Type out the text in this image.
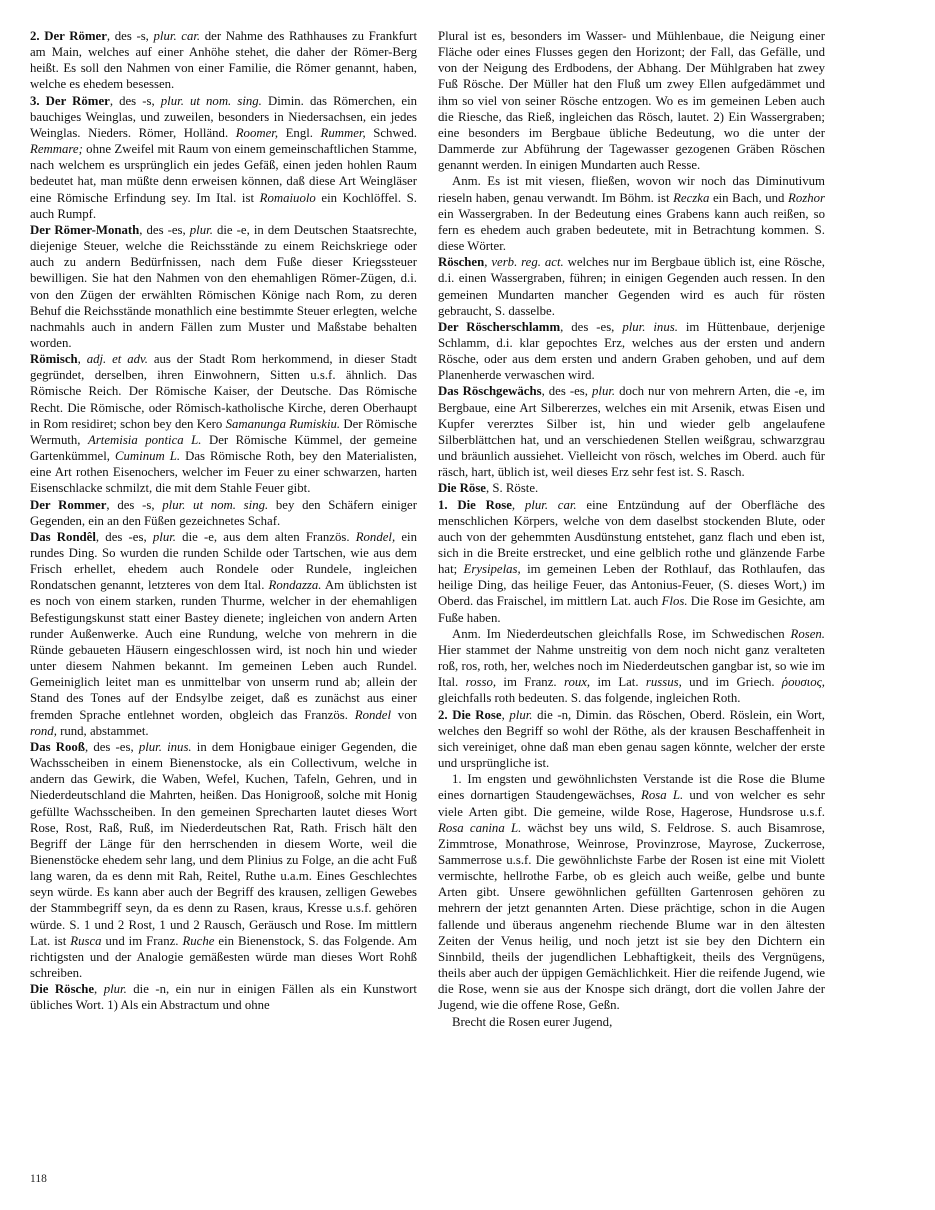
2. Der Römer, des -s, plur. car. der Nahme des Rathhauses zu Frankfurt am Main, welches auf einer Anhöhe stehet, die daher der Römer-Berg heißt. Es soll den Nahmen von einer Familie, die Römer genannt, haben, welche es ehedem besessen.

3. Der Römer, des -s, plur. ut nom. sing. Dimin. das Römerchen, ein bauchiges Weinglas, und zuweilen, besonders in Niedersachsen, ein jedes Weinglas. Nieders. Römer, Holländ. Roomer, Engl. Rummer, Schwed. Remmare; ohne Zweifel mit Raum von einem gemeinschaftlichen Stamme, nach welchem es ursprünglich ein jedes Gefäß, einen jeden hohlen Raum bedeutet hat, man müßte denn erweisen können, daß diese Art Weingläser eine Römische Erfindung sey. Im Ital. ist Romaiuolo ein Kochlöffel. S. auch Rumpf.

Der Römer-Monath, des -es, plur. die -e, in dem Deutschen Staatsrechte, diejenige Steuer, welche die Reichsstände zu einem Reichskriege oder auch zu andern Bedürfnissen, nach dem Fuße dieser Kriegssteuer bewilligen. Sie hat den Nahmen von den ehemahligen Römer-Zügen, d.i. von den Zügen der erwählten Römischen Könige nach Rom, zu deren Behuf die Reichsstände monathlich eine bestimmte Steuer erlegten, welche nachmahls auch in andern Fällen zum Muster und Maßstabe behalten worden.

Römisch, adj. et adv. aus der Stadt Rom herkommend, in dieser Stadt gegründet, derselben, ihren Einwohnern, Sitten u.s.f. ähnlich. Das Römische Reich. Der Römische Kaiser, der Deutsche. Das Römische Recht. Die Römische, oder Römisch-katholische Kirche, deren Oberhaupt in Rom residiret; schon bey den Kero Samanunga Rumiskiu. Der Römische Wermuth, Artemisia pontica L. Der Römische Kümmel, der gemeine Gartenkümmel, Cuminum L. Das Römische Roth, bey den Materialisten, eine Art rothen Eisenochers, welcher im Feuer zu einer schwarzen, harten Eisenschlacke schmilzt, die mit dem Stahle Feuer gibt.

Der Rommer, des -s, plur. ut nom. sing. bey den Schäfern einiger Gegenden, ein an den Füßen gezeichnetes Schaf.

Das Rondêl, des -es, plur. die -e, aus dem alten Französ. Rondel, ein rundes Ding. So wurden die runden Schilde oder Tartschen, wie aus dem Frisch erhellet, ehedem auch Rondele oder Rundele, ingleichen Rondatschen genannt, letzteres von dem Ital. Rondazza. Am üblichsten ist es noch von einem starken, runden Thurme, welcher in der ehemahligen Befestigungskunst statt einer Bastey dienete; ingleichen von andern Arten runder Außenwerke. Auch eine Rundung, welche von mehrern in die Ründe gebaueten Häusern eingeschlossen wird, ist noch hin und wieder unter diesem Nahmen bekannt. Im gemeinen Leben auch Rundel. Gemeiniglich leitet man es unmittelbar von unserm rund ab; allein der Stand des Tones auf der Endsylbe zeiget, daß es zunächst aus einer fremden Sprache entlehnet worden, obgleich das Französ. Rondel von rond, rund, abstammet.

Das Rooß, des -es, plur. inus. in dem Honigbaue einiger Gegenden, die Wachsscheiben in einem Bienenstocke, als ein Collectivum, welche in andern das Gewirk, die Waben, Wefel, Kuchen, Tafeln, Gehren, und in Niederdeutschland die Mahrten, heißen. Das Honigrooß, solche mit Honig gefüllte Wachsscheiben. In den gemeinen Sprecharten lautet dieses Wort Rose, Rost, Raß, Ruß, im Niederdeutschen Rat, Rath. Frisch hält den Begriff der Länge für den herrschenden in diesem Worte, weil die Bienenstöcke ehedem sehr lang, und dem Plinius zu Folge, an die acht Fuß lang waren, da es denn mit Rah, Reitel, Ruthe u.a.m. Eines Geschlechtes seyn würde. Es kann aber auch der Begriff des krausen, zelligen Gewebes der Stammbegriff seyn, da es denn zu Rasen, kraus, Kresse u.s.f. gehören würde. S. 1 und 2 Rost, 1 und 2 Rausch, Geräusch und Rose. Im mittlern Lat. ist Rusca und im Franz. Ruche ein Bienenstock, S. das Folgende. Am richtigsten und der Analogie gemäßesten würde man dieses Wort Rohß schreiben.

Die Rösche, plur. die -n, ein nur in einigen Fällen als ein Kunstwort übliches Wort. 1) Als ein Abstractum und ohne

Plural ist es, besonders im Wasser- und Mühlenbaue, die Neigung einer Fläche oder eines Flusses gegen den Horizont; der Fall, das Gefälle, und von der Neigung des Erdbodens, der Abhang. Der Mühlgraben hat zwey Fuß Rösche. Der Müller hat den Fluß um zwey Ellen aufgedämmet und ihm so viel von seiner Rösche entzogen. Wo es im gemeinen Leben auch die Riesche, das Rieß, ingleichen das Rösch, lautet. 2) Ein Wassergraben; eine besonders im Bergbaue übliche Bedeutung, wo die unter der Dammerde zur Abführung der Tagewasser gezogenen Gräben Röschen genannt werden. In einigen Mundarten auch Resse.

Anm. Es ist mit viesen, fließen, wovon wir noch das Diminutivum rieseln haben, genau verwandt. Im Böhm. ist Reczka ein Bach, und Rozhor ein Wassergraben. In der Bedeutung eines Grabens kann auch reißen, so fern es ehedem auch graben bedeutete, mit in Betrachtung kommen. S. diese Wörter.

Röschen, verb. reg. act. welches nur im Bergbaue üblich ist, eine Rösche, d.i. einen Wassergraben, führen; in einigen Gegenden auch ressen. In den gemeinen Mundarten mancher Gegenden wird es auch für rösten gebraucht, S. dasselbe.

Der Röscherschlamm, des -es, plur. inus. im Hüttenbaue, derjenige Schlamm, d.i. klar gepochtes Erz, welches aus der ersten und andern Rösche, oder aus dem ersten und andern Graben gehoben, und auf dem Planenherde verwaschen wird.

Das Röschgewächs, des -es, plur. doch nur von mehrern Arten, die -e, im Bergbaue, eine Art Silbererzes, welches ein mit Arsenik, etwas Eisen und Kupfer vererztes Silber ist, hin und wieder gelb angelaufene Silberblättchen hat, und an verschiedenen Stellen weißgrau, schwarzgrau und bräunlich aussiehet. Vielleicht von rösch, welches im Oberd. auch für räsch, hart, üblich ist, weil dieses Erz sehr fest ist. S. Rasch.

Die Röse, S. Röste.

1. Die Rose, plur. car. eine Entzündung auf der Oberfläche des menschlichen Körpers, welche von dem daselbst stockenden Blute, oder auch von der gehemmten Ausdünstung entstehet, ganz flach und eben ist, sich in die Breite erstrecket, und eine gelblich rothe und glänzende Farbe hat; Erysipelas, im gemeinen Leben der Rothlauf, das Rothlaufen, das heilige Ding, das heilige Feuer, das Antonius-Feuer, (S. dieses Wort,) im Oberd. das Fraischel, im mittlern Lat. auch Flos. Die Rose im Gesichte, am Fuße haben.

Anm. Im Niederdeutschen gleichfalls Rose, im Schwedischen Rosen. Hier stammet der Nahme unstreitig von dem noch nicht ganz veralteten roß, ros, roth, her, welches noch im Niederdeutschen gangbar ist, so wie im Ital. rosso, im Franz. roux, im Lat. russus, und im Griech. ῥουσιος, gleichfalls roth bedeuten. S. das folgende, ingleichen Roth.

2. Die Rose, plur. die -n, Dimin. das Röschen, Oberd. Röslein, ein Wort, welches den Begriff so wohl der Röthe, als der krausen Beschaffenheit in sich vereiniget, ohne daß man eben genau sagen könnte, welcher der erste und ursprüngliche ist.

1. Im engsten und gewöhnlichsten Verstande ist die Rose die Blume eines dornartigen Staudengewächses, Rosa L. und von welcher es sehr viele Arten gibt. Die gemeine, wilde Rose, Hagerose, Hundsrose u.s.f. Rosa canina L. wächst bey uns wild, S. Feldrose. S. auch Bisamrose, Zimmtrose, Monathrose, Weinrose, Provinzrose, Mayrose, Zuckerrose, Sammerrose u.s.f. Die gewöhnlichste Farbe der Rosen ist eine mit Violett vermischte, hellrothe Farbe, ob es gleich auch weiße, gelbe und bunte Arten gibt. Unsere gewöhnlichen gefüllten Gartenrosen gehören zu mehrern der jetzt genannten Arten. Diese prächtige, schon in die Augen fallende und überaus angenehm riechende Blume war in den ältesten Zeiten der Venus heilig, und noch jetzt ist sie bey den Dichtern ein Sinnbild, theils der jugendlichen Lebhaftigkeit, theils des Vergnügens, theils aber auch der üppigen Gemächlichkeit. Hier die reifende Jugend, wie die Rose, wenn sie aus der Knospe sich drängt, dort die vollen Jahre der Jugend, wie die offene Rose, Geßn.

Brecht die Rosen eurer Jugend,

118
